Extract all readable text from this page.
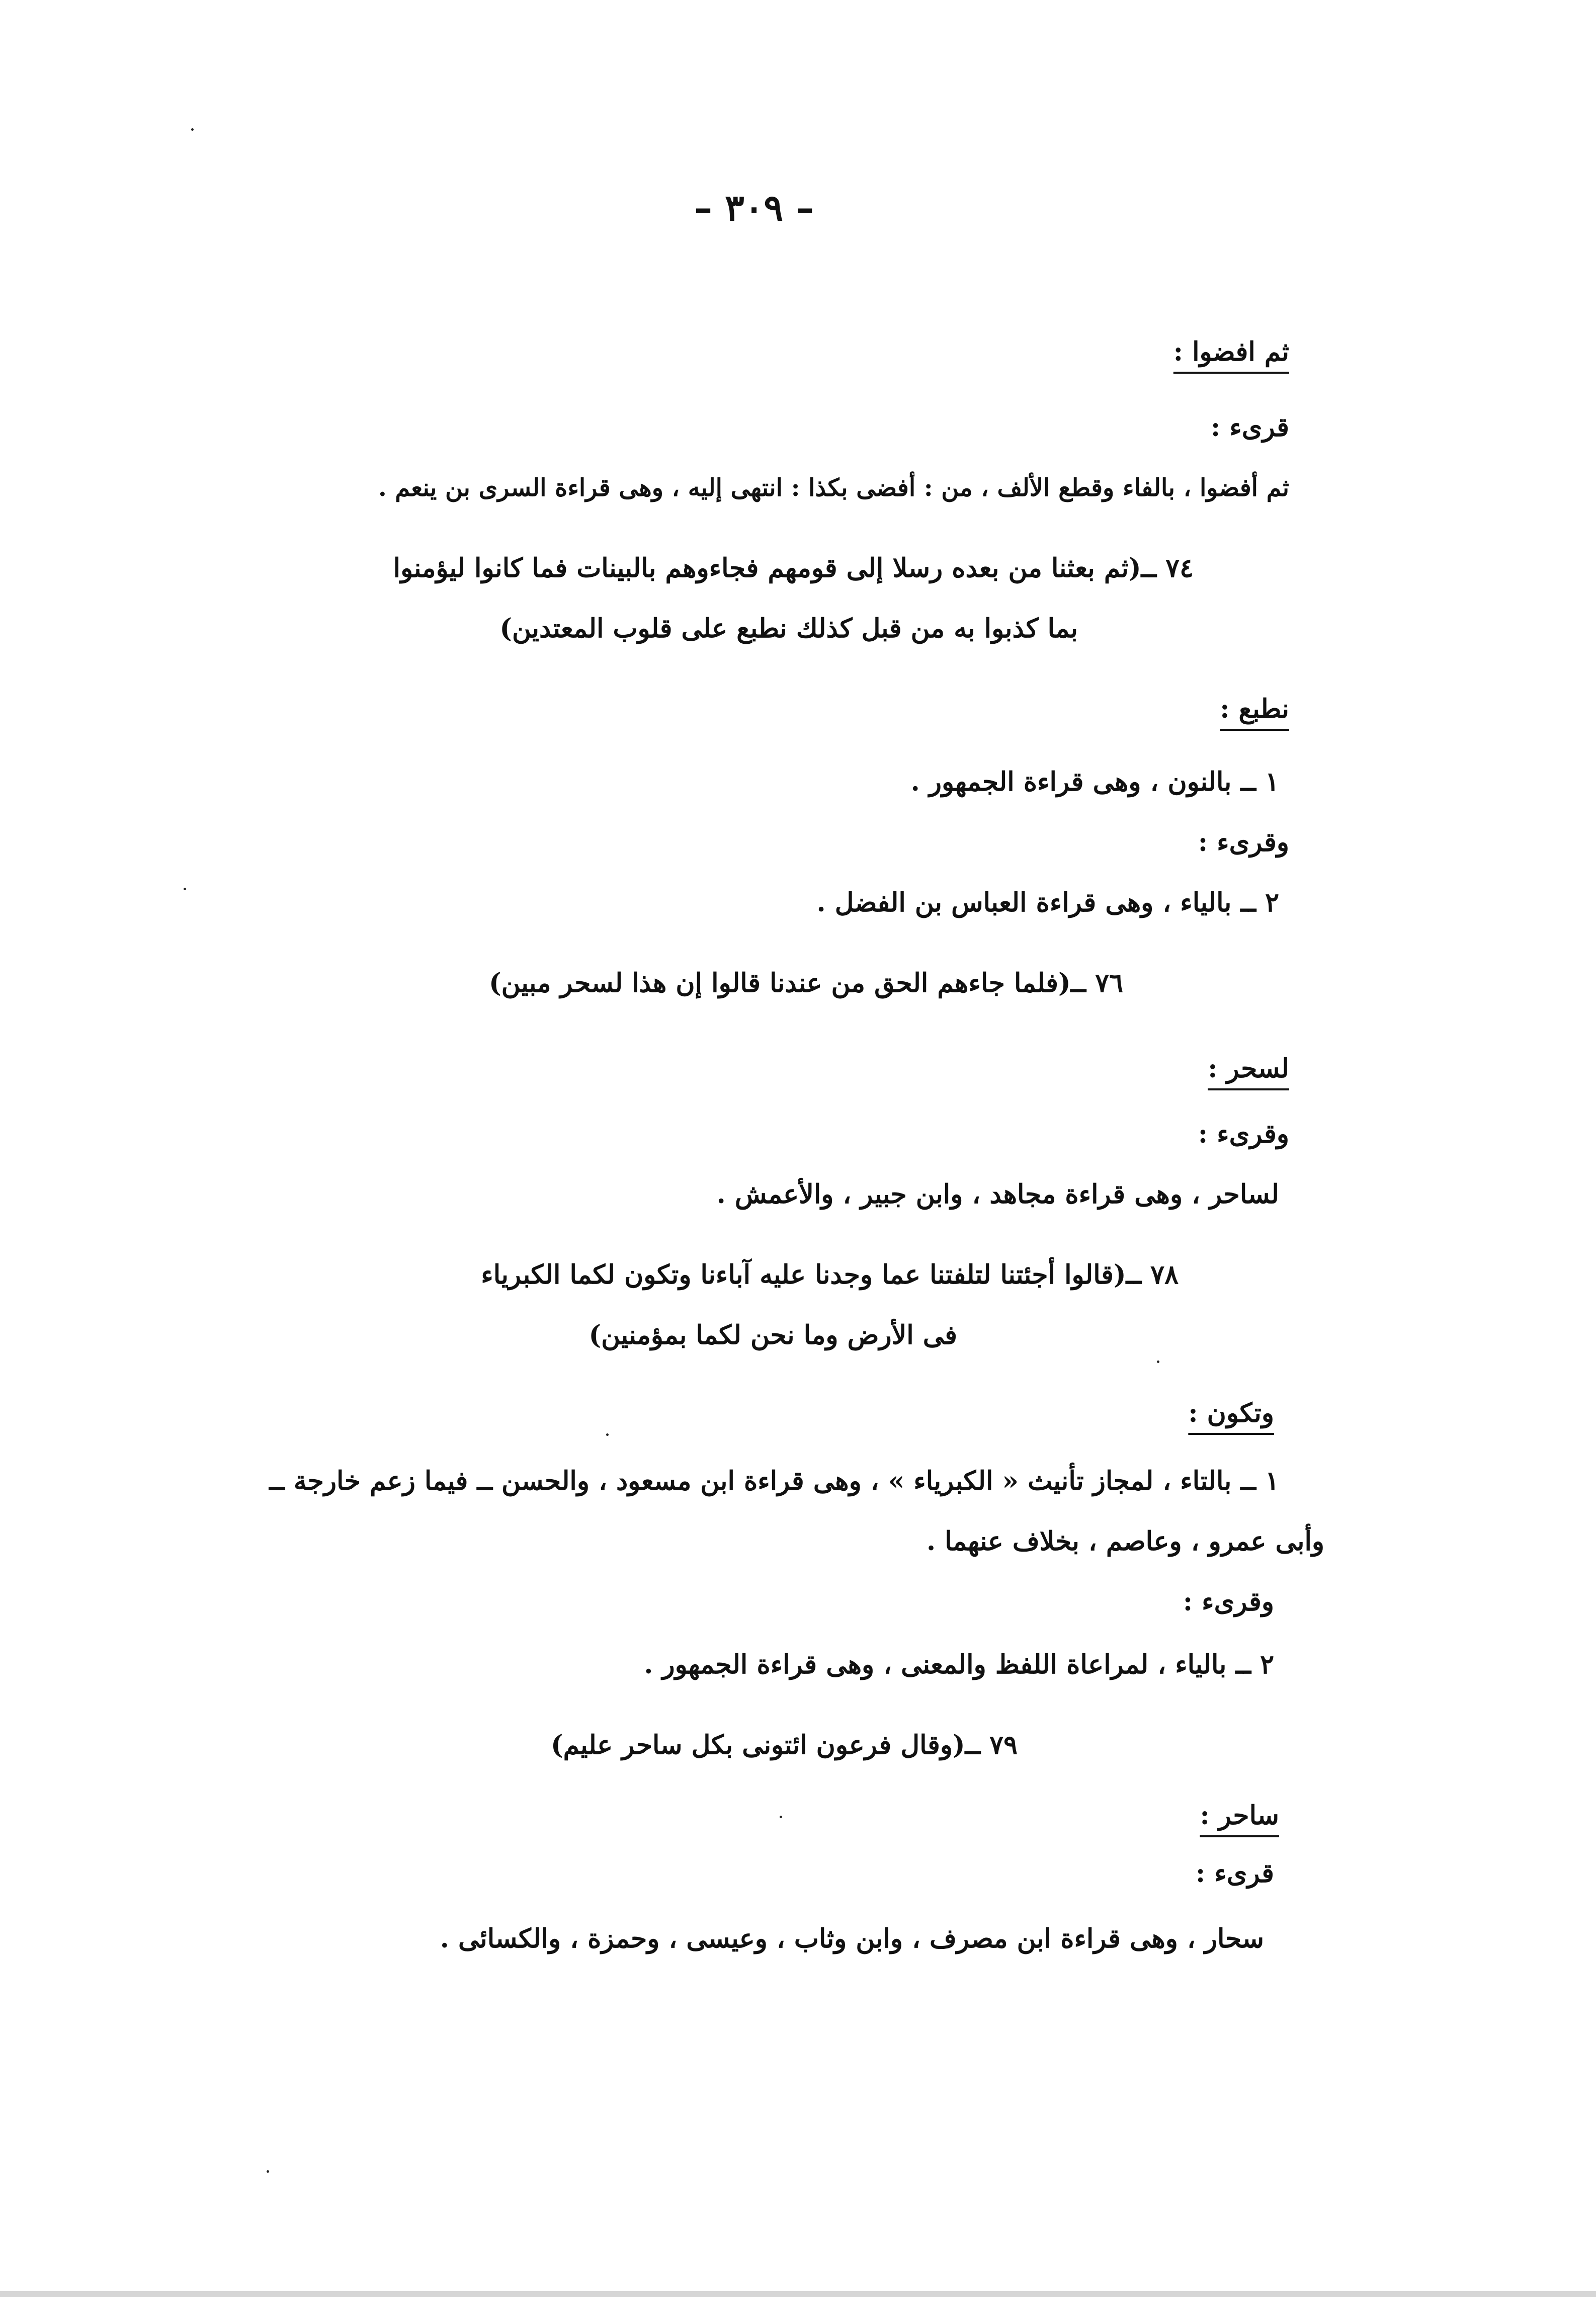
– ٣٠٩ –
ثم افضوا :
قرىء :
ثم أفضوا ، بالفاء وقطع الألف ، من : أفضى بكذا : انتهى إليه ، وهى قراءة السرى بن ينعم .
٧٤ ــ(ثم بعثنا من بعده رسلا إلى قومهم فجاءوهم بالبينات فما كانوا ليؤمنوا
بما كذبوا به من قبل كذلك نطبع على قلوب المعتدين)
نطبع :
١ ــ بالنون ، وهى قراءة الجمهور .
وقرىء :
٢ ــ بالياء ، وهى قراءة العباس بن الفضل .
٧٦ ــ(فلما جاءهم الحق من عندنا قالوا إن هذا لسحر مبين)
لسحر :
وقرىء :
لساحر ، وهى قراءة مجاهد ، وابن جبير ، والأعمش .
٧٨ ــ(قالوا أجئتنا لتلفتنا عما وجدنا عليه آباءنا وتكون لكما الكبرياء
فى الأرض وما نحن لكما بمؤمنين)
وتكون :
١ ــ بالتاء ، لمجاز تأنيث « الكبرياء » ، وهى قراءة ابن مسعود ، والحسن ــ فيما زعم خارجة ــ
وأبى عمرو ، وعاصم ، بخلاف عنهما .
وقرىء :
٢ ــ بالياء ، لمراعاة اللفظ والمعنى ، وهى قراءة الجمهور .
٧٩ ــ(وقال فرعون ائتونى بكل ساحر عليم)
ساحر :
قرىء :
سحار ، وهى قراءة ابن مصرف ، وابن وثاب ، وعيسى ، وحمزة ، والكسائى .
